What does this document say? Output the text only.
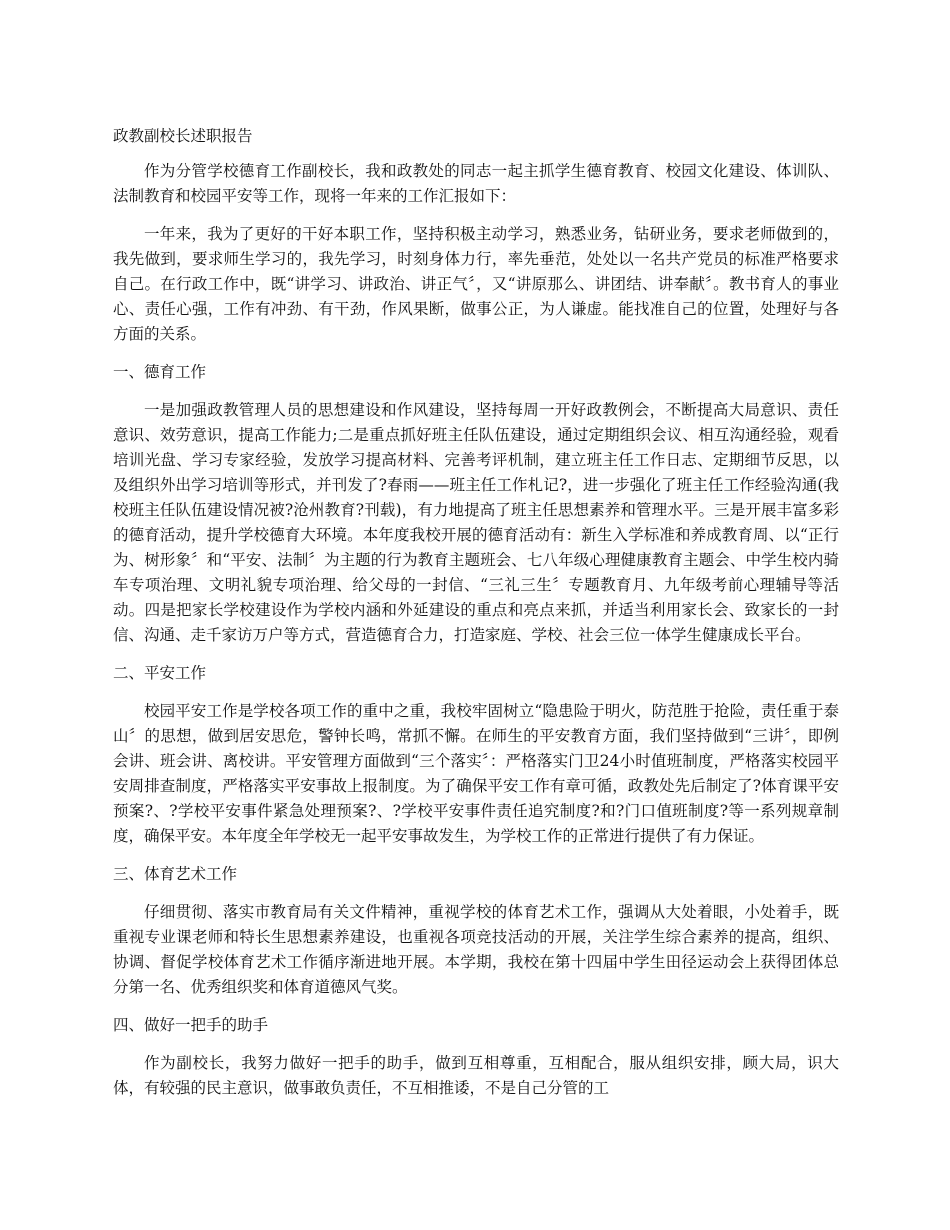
政教副校长述职报告

作为分管学校德育工作副校长，我和政教处的同志一起主抓学生德育教育、校园文化建设、体训队、法制教育和校园平安等工作，现将一年来的工作汇报如下：

一年来，我为了更好的干好本职工作，坚持积极主动学习，熟悉业务，钻研业务，要求老师做到的，我先做到，要求师生学习的，我先学习，时刻身体力行，率先垂范，处处以一名共产党员的标准严格要求自己。在行政工作中，既“讲学习、讲政治、讲正气〞，又“讲原那么、讲团结、讲奉献〞。教书育人的事业心、责任心强，工作有冲劲、有干劲，作风果断，做事公正，为人谦虚。能找准自己的位置，处理好与各方面的关系。

一、德育工作

一是加强政教管理人员的思想建设和作风建设，坚持每周一开好政教例会，不断提高大局意识、责任意识、效劳意识，提高工作能力;二是重点抓好班主任队伍建设，通过定期组织会议、相互沟通经验，观看培训光盘、学习专家经验，发放学习提高材料、完善考评机制，建立班主任工作日志、定期细节反思，以及组织外出学习培训等形式，并刊发了?春雨——班主任工作札记?，进一步强化了班主任工作经验沟通(我校班主任队伍建设情况被?沧州教育?刊载)，有力地提高了班主任思想素养和管理水平。三是开展丰富多彩的德育活动，提升学校德育大环境。本年度我校开展的德育活动有：新生入学标准和养成教育周、以“正行为、树形象〞和“平安、法制〞为主题的行为教育主题班会、七八年级心理健康教育主题会、中学生校内骑车专项治理、文明礼貌专项治理、给父母的一封信、“三礼三生〞专题教育月、九年级考前心理辅导等活动。四是把家长学校建设作为学校内涵和外延建设的重点和亮点来抓，并适当利用家长会、致家长的一封信、沟通、走千家访万户等方式，营造德育合力，打造家庭、学校、社会三位一体学生健康成长平台。

二、平安工作

校园平安工作是学校各项工作的重中之重，我校牢固树立“隐患险于明火，防范胜于抢险，责任重于泰山〞的思想，做到居安思危，警钟长鸣，常抓不懈。在师生的平安教育方面，我们坚持做到“三讲〞，即例会讲、班会讲、离校讲。平安管理方面做到“三个落实〞：严格落实门卫24小时值班制度，严格落实校园平安周排查制度，严格落实平安事故上报制度。为了确保平安工作有章可循，政教处先后制定了?体育课平安预案?、?学校平安事件紧急处理预案?、?学校平安事件责任追究制度?和?门口值班制度?等一系列规章制度，确保平安。本年度全年学校无一起平安事故发生，为学校工作的正常进行提供了有力保证。

三、体育艺术工作

仔细贯彻、落实市教育局有关文件精神，重视学校的体育艺术工作，强调从大处着眼，小处着手，既重视专业课老师和特长生思想素养建设，也重视各项竞技活动的开展，关注学生综合素养的提高，组织、协调、督促学校体育艺术工作循序渐进地开展。本学期，我校在第十四届中学生田径运动会上获得团体总分第一名、优秀组织奖和体育道德风气奖。

四、做好一把手的助手

作为副校长，我努力做好一把手的助手，做到互相尊重，互相配合，服从组织安排，顾大局，识大体，有较强的民主意识，做事敢负责任，不互相推诿，不是自己分管的工
